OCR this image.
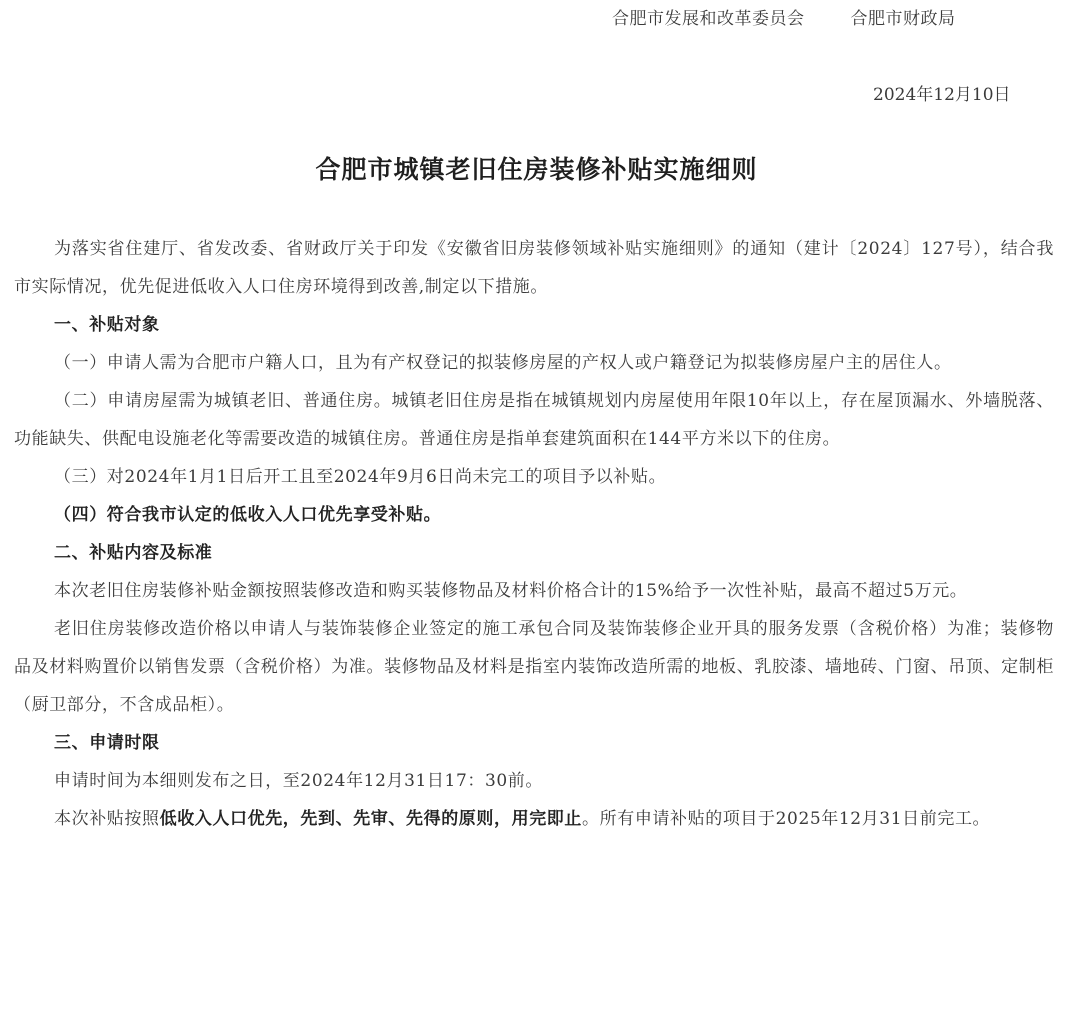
合肥市发展和改革委员会	合肥市财政局
2024年12月10日
合肥市城镇老旧住房装修补贴实施细则

为落实省住建厅、省发改委、省财政厅关于印发《安徽省旧房装修领域补贴实施细则》的通知（建计〔2024〕127号），结合我市实际情况，优先促进低收入人口住房环境得到改善,制定以下措施。

一、补贴对象

（一）申请人需为合肥市户籍人口，且为有产权登记的拟装修房屋的产权人或户籍登记为拟装修房屋户主的居住人。

（二）申请房屋需为城镇老旧、普通住房。城镇老旧住房是指在城镇规划内房屋使用年限10年以上，存在屋顶漏水、外墙脱落、功能缺失、供配电设施老化等需要改造的城镇住房。普通住房是指单套建筑面积在144平方米以下的住房。

（三）对2024年1月1日后开工且至2024年9月6日尚未完工的项目予以补贴。

（四）符合我市认定的低收入人口优先享受补贴。

二、补贴内容及标准

本次老旧住房装修补贴金额按照装修改造和购买装修物品及材料价格合计的15%给予一次性补贴，最高不超过5万元。

老旧住房装修改造价格以申请人与装饰装修企业签定的施工承包合同及装饰装修企业开具的服务发票（含税价格）为准；装修物品及材料购置价以销售发票（含税价格）为准。装修物品及材料是指室内装饰改造所需的地板、乳胶漆、墙地砖、门窗、吊顶、定制柜（厨卫部分，不含成品柜）。

三、申请时限

申请时间为本细则发布之日，至2024年12月31日17：30前。

本次补贴按照低收入人口优先，先到、先审、先得的原则，用完即止。所有申请补贴的项目于2025年12月31日前完工。
